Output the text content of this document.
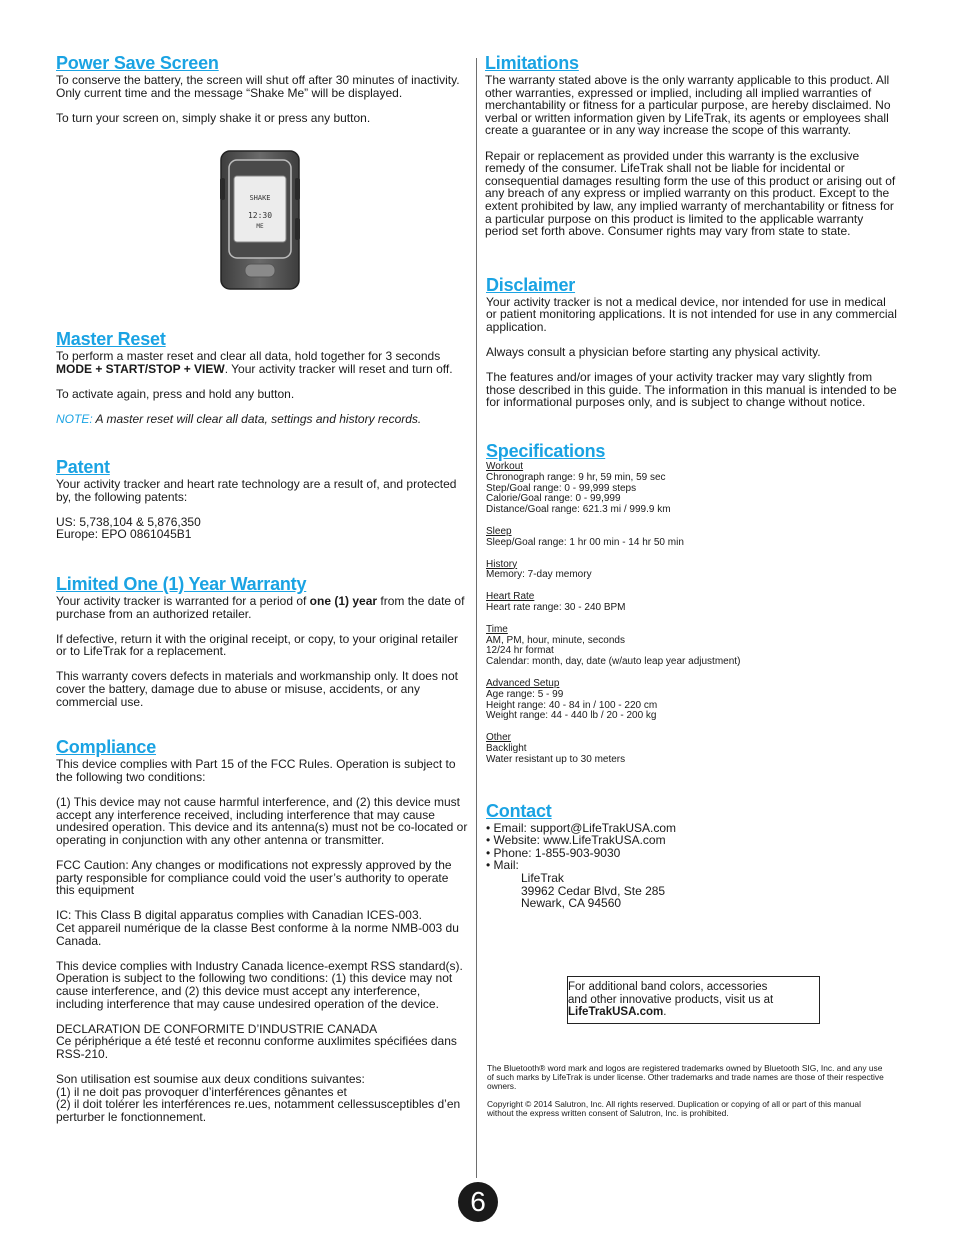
Power Save Screen

To conserve the battery, the screen will shut off after 30 minutes of inactivity. Only current time and the message “Shake Me” will be displayed.

To turn your screen on, simply shake it or press any button.

SHAKE
12:30
ME
Master Reset

To perform a master reset and clear all data, hold together for 3 seconds MODE + START/STOP + VIEW. Your activity tracker will reset and turn off.

To activate again, press and hold any button.

NOTE: A master reset will clear all data, settings and history records.

Patent

Your activity tracker and heart rate technology are a result of, and protected by, the following patents:

US: 5,738,104 & 5,876,350

Europe: EPO 0861045B1

Limited One (1) Year Warranty

Your activity tracker is warranted for a period of one (1) year from the date of purchase from an authorized retailer.

If defective, return it with the original receipt, or copy, to your original retailer or to LifeTrak for a replacement.

This warranty covers defects in materials and workmanship only. It does not cover the battery, damage due to abuse or misuse, accidents, or any commercial use.

Compliance

This device complies with Part 15 of the FCC Rules. Operation is subject to the following two conditions:

(1) This device may not cause harmful interference, and (2) this device must accept any interference received, including interference that may cause undesired operation. This device and its antenna(s) must not be co-located or operating in conjunction with any other antenna or transmitter.

FCC Caution: Any changes or modifications not expressly approved by the party responsible for compliance could void the user’s authority to operate this equipment

IC: This Class B digital apparatus complies with Canadian ICES-003.

Cet appareil numérique de la classe Best conforme à la norme NMB-003 du Canada.

This device complies with Industry Canada licence-exempt RSS standard(s). Operation is subject to the following two conditions: (1) this device may not cause interference, and (2) this device must accept any interference, including interference that may cause undesired operation of the device.

DECLARATION DE CONFORMITE D’INDUSTRIE CANADA

Ce périphérique a été testé et reconnu conforme auxlimites spécifiées dans RSS-210.

Son utilisation est soumise aux deux conditions suivantes:

(1) il ne doit pas provoquer d’interférences gênantes et

(2) il doit tolérer les interférences re.ues, notamment cellessusceptibles d’en perturber le fonctionnement.

Limitations

The warranty stated above is the only warranty applicable to this product. All other warranties, expressed or implied, including all implied warranties of merchantability or fitness for a particular purpose, are hereby disclaimed. No verbal or written information given by LifeTrak, its agents or employees shall create a guarantee or in any way increase the scope of this warranty.

Repair or replacement as provided under this warranty is the exclusive remedy of the consumer. LifeTrak shall not be liable for incidental or consequential damages resulting form the use of this product or arising out of any breach of any express or implied warranty on this product. Except to the extent prohibited by law, any implied warranty of merchantability or fitness for a particular purpose on this product is limited to the applicable warranty period set forth above. Consumer rights may vary from state to state.

Disclaimer

Your activity tracker is not a medical device, nor intended for use in medical or patient monitoring applications. It is not intended for use in any commercial application.

Always consult a physician before starting any physical activity.

The features and/or images of your activity tracker may vary slightly from those described in this guide. The information in this manual is intended to be for informational purposes only, and is subject to change without notice.

Specifications

Workout

Chronograph range: 9 hr, 59 min, 59 sec

Step/Goal range: 0 - 99,999 steps

Calorie/Goal range: 0 - 99,999

Distance/Goal range: 621.3 mi / 999.9 km

Sleep

Sleep/Goal range: 1 hr 00 min - 14 hr 50 min

History

Memory: 7-day memory

Heart Rate

Heart rate range: 30 - 240 BPM

Time

AM, PM, hour, minute, seconds

12/24 hr format

Calendar: month, day, date (w/auto leap year adjustment)

Advanced Setup

Age range: 5 - 99

Height range: 40 - 84 in / 100 - 220 cm

Weight range: 44 - 440 lb / 20 - 200 kg

Other

Backlight

Water resistant up to 30 meters

Contact

• Email: support@LifeTrakUSA.com

• Website: www.LifeTrakUSA.com

• Phone: 1-855-903-9030

• Mail:

LifeTrak

39962 Cedar Blvd, Ste 285

Newark, CA 94560

For additional band colors, accessories

and other innovative products, visit us at

LifeTrakUSA.com.

The Bluetooth® word mark and logos are registered trademarks owned by Bluetooth SIG, Inc. and any use of such marks by LifeTrak is under license. Other trademarks and trade names are those of their respective owners.

Copyright © 2014 Salutron, Inc. All rights reserved. Duplication or copying of all or part of this manual without the express written consent of Salutron, Inc. is prohibited.

6
